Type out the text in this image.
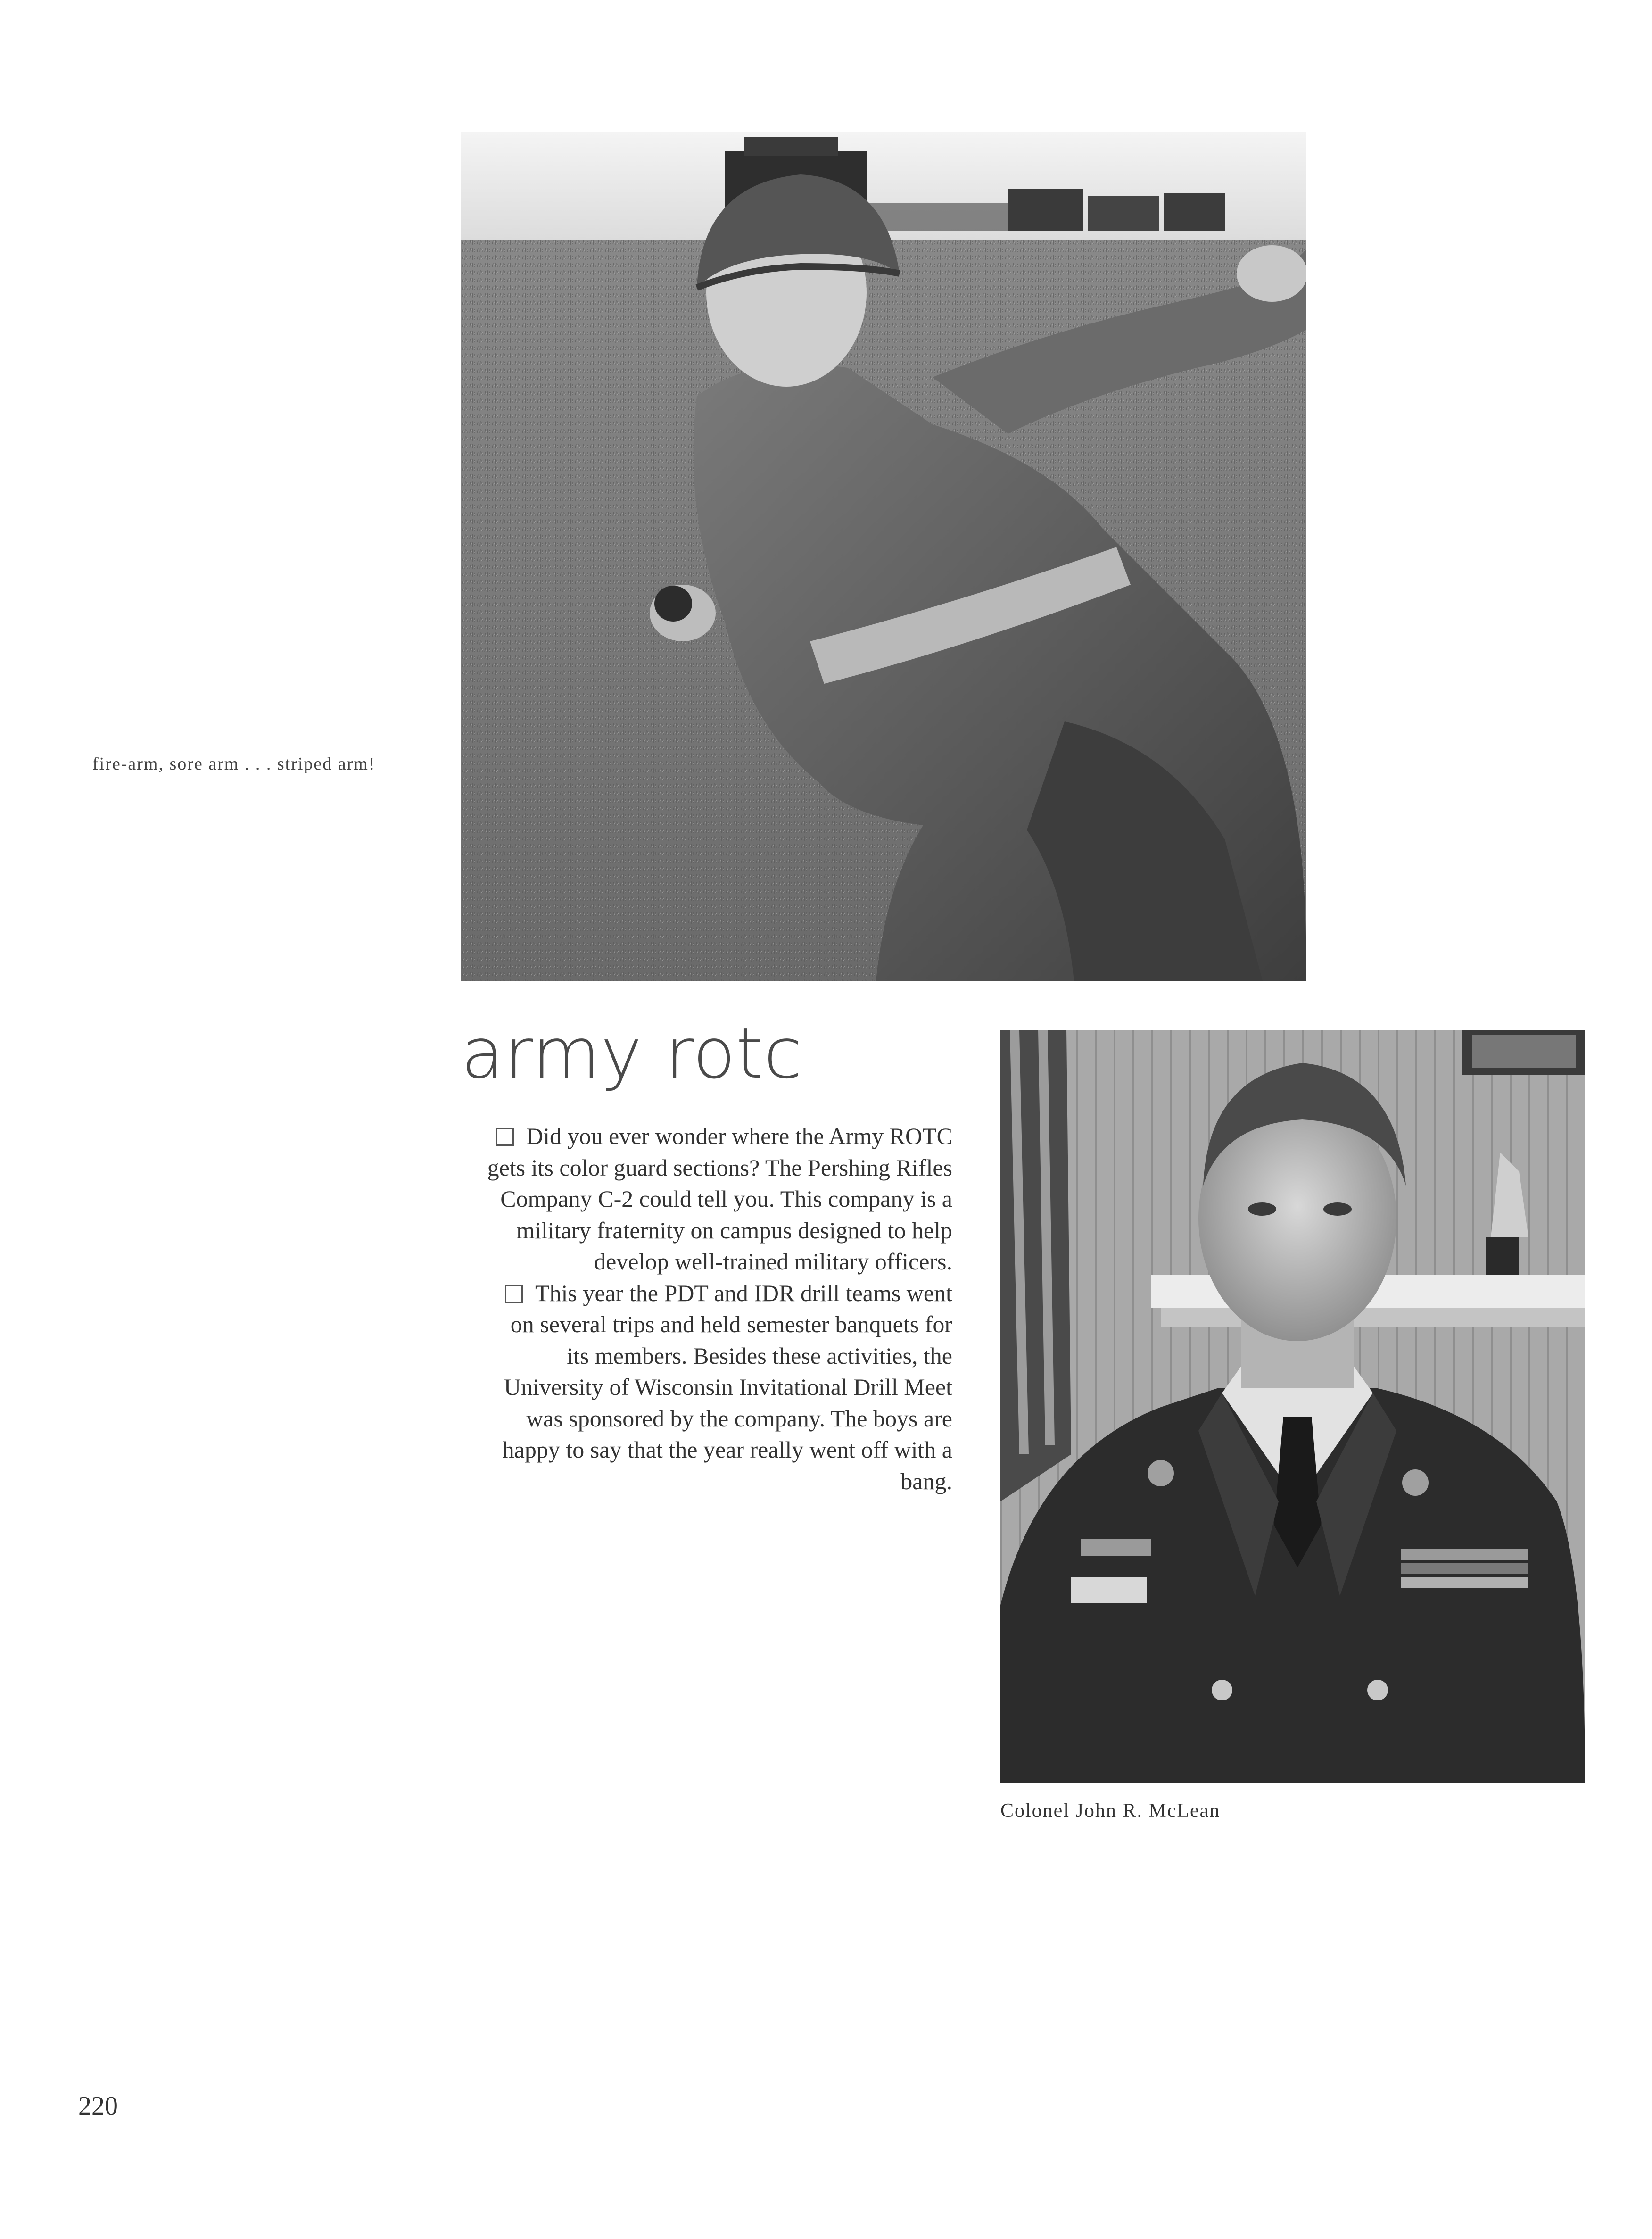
fire-arm, sore arm . . . striped arm!
army rotc

Did you ever wonder where the Army ROTC gets its color guard sections? The Pershing Rifles Company C-2 could tell you. This company is a military fraternity on campus designed to help develop well-trained military officers.

This year the PDT and IDR drill teams went on several trips and held semester banquets for its members. Besides these activities, the University of Wisconsin Invitational Drill Meet was sponsored by the company. The boys are happy to say that the year really went off with a bang.

Colonel John R. McLean
220
